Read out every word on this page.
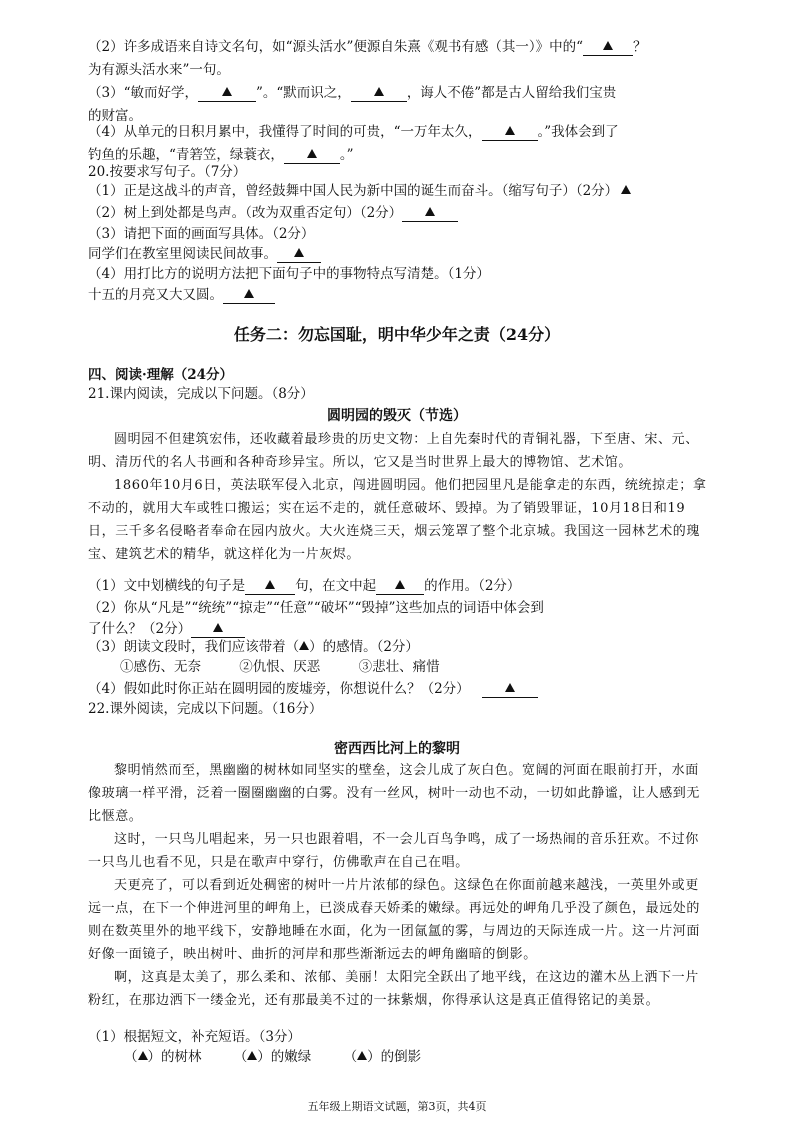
（2）许多成语来自诗文名句，如“源头活水”便源自朱熹《观书有感（其一）》中的“	？
为有源头活水来”一句。
（3）“敏而好学，	”。“默而识之，	，诲人不倦”都是古人留给我们宝贵
的财富。
（4）从单元的日积月累中，我懂得了时间的可贵，“一万年太久，	。”我体会到了
钓鱼的乐趣，“青箬笠，绿蓑衣，	。”
20.按要求写句子。（7分）
（1）正是这战斗的声音，曾经鼓舞中国人民为新中国的诞生而奋斗。（缩写句子）（2分）
（2）树上到处都是鸟声。（改为双重否定句）（2分）
（3）请把下面的画面写具体。（2分）
同学们在教室里阅读民间故事。
（4）用打比方的说明方法把下面句子中的事物特点写清楚。（1分）
十五的月亮又大又圆。
任务二：勿忘国耻，明中华少年之责（24分）
四、阅读·理解（24分）
21.课内阅读，完成以下问题。（8分）
圆明园的毁灭（节选）

圆明园不但建筑宏伟，还收藏着最珍贵的历史文物：上自先秦时代的青铜礼器，下至唐、宋、元、明、清历代的名人书画和各种奇珍异宝。所以，它又是当时世界上最大的博物馆、艺术馆。

1860年10月6日，英法联军侵入北京，闯进圆明园。他们把园里凡是能拿走的东西，统统掠走；拿不动的，就用大车或牲口搬运；实在运不走的，就任意破坏、毁掉。为了销毁罪证，10月18日和19日，三千多名侵略者奉命在园内放火。大火连烧三天，烟云笼罩了整个北京城。我国这一园林艺术的瑰宝、建筑艺术的精华，就这样化为一片灰烬。

（1）文中划横线的句子是	句，在文中起	的作用。（2分）
（2）你从“凡是”“统统”“掠走”“任意”“破坏”“毁掉”这些加点的词语中体会到
了什么？（2分）
（3）朗读文段时，我们应该带着（ ）的感情。（2分）
①感伤、无奈	②仇恨、厌恶	③悲壮、痛惜
（4）假如此时你正站在圆明园的废墟旁，你想说什么？（2分）
22.课外阅读，完成以下问题。（16分）
密西西比河上的黎明

黎明悄然而至，黑幽幽的树林如同坚实的壁垒，这会儿成了灰白色。宽阔的河面在眼前打开，水面像玻璃一样平滑，泛着一圈圈幽幽的白雾。没有一丝风，树叶一动也不动，一切如此静谧，让人感到无比惬意。

这时，一只鸟儿唱起来，另一只也跟着唱，不一会儿百鸟争鸣，成了一场热闹的音乐狂欢。不过你一只鸟儿也看不见，只是在歌声中穿行，仿佛歌声在自己在唱。

天更亮了，可以看到近处稠密的树叶一片片浓郁的绿色。这绿色在你面前越来越浅，一英里外或更远一点，在下一个伸进河里的岬角上，已淡成春天娇柔的嫩绿。再远处的岬角几乎没了颜色，最远处的则在数英里外的地平线下，安静地睡在水面，化为一团氤氲的雾，与周边的天际连成一片。这一片河面好像一面镜子，映出树叶、曲折的河岸和那些渐渐远去的岬角幽暗的倒影。

啊，这真是太美了，那么柔和、浓郁、美丽！太阳完全跃出了地平线，在这边的灌木丛上洒下一片粉红，在那边洒下一缕金光，还有那最美不过的一抹紫烟，你得承认这是真正值得铭记的美景。

（1）根据短文，补充短语。（3分）
（ ）的树林 （ ）的嫩绿 （ ）的倒影
五年级上期语文试题，第3页，共4页
